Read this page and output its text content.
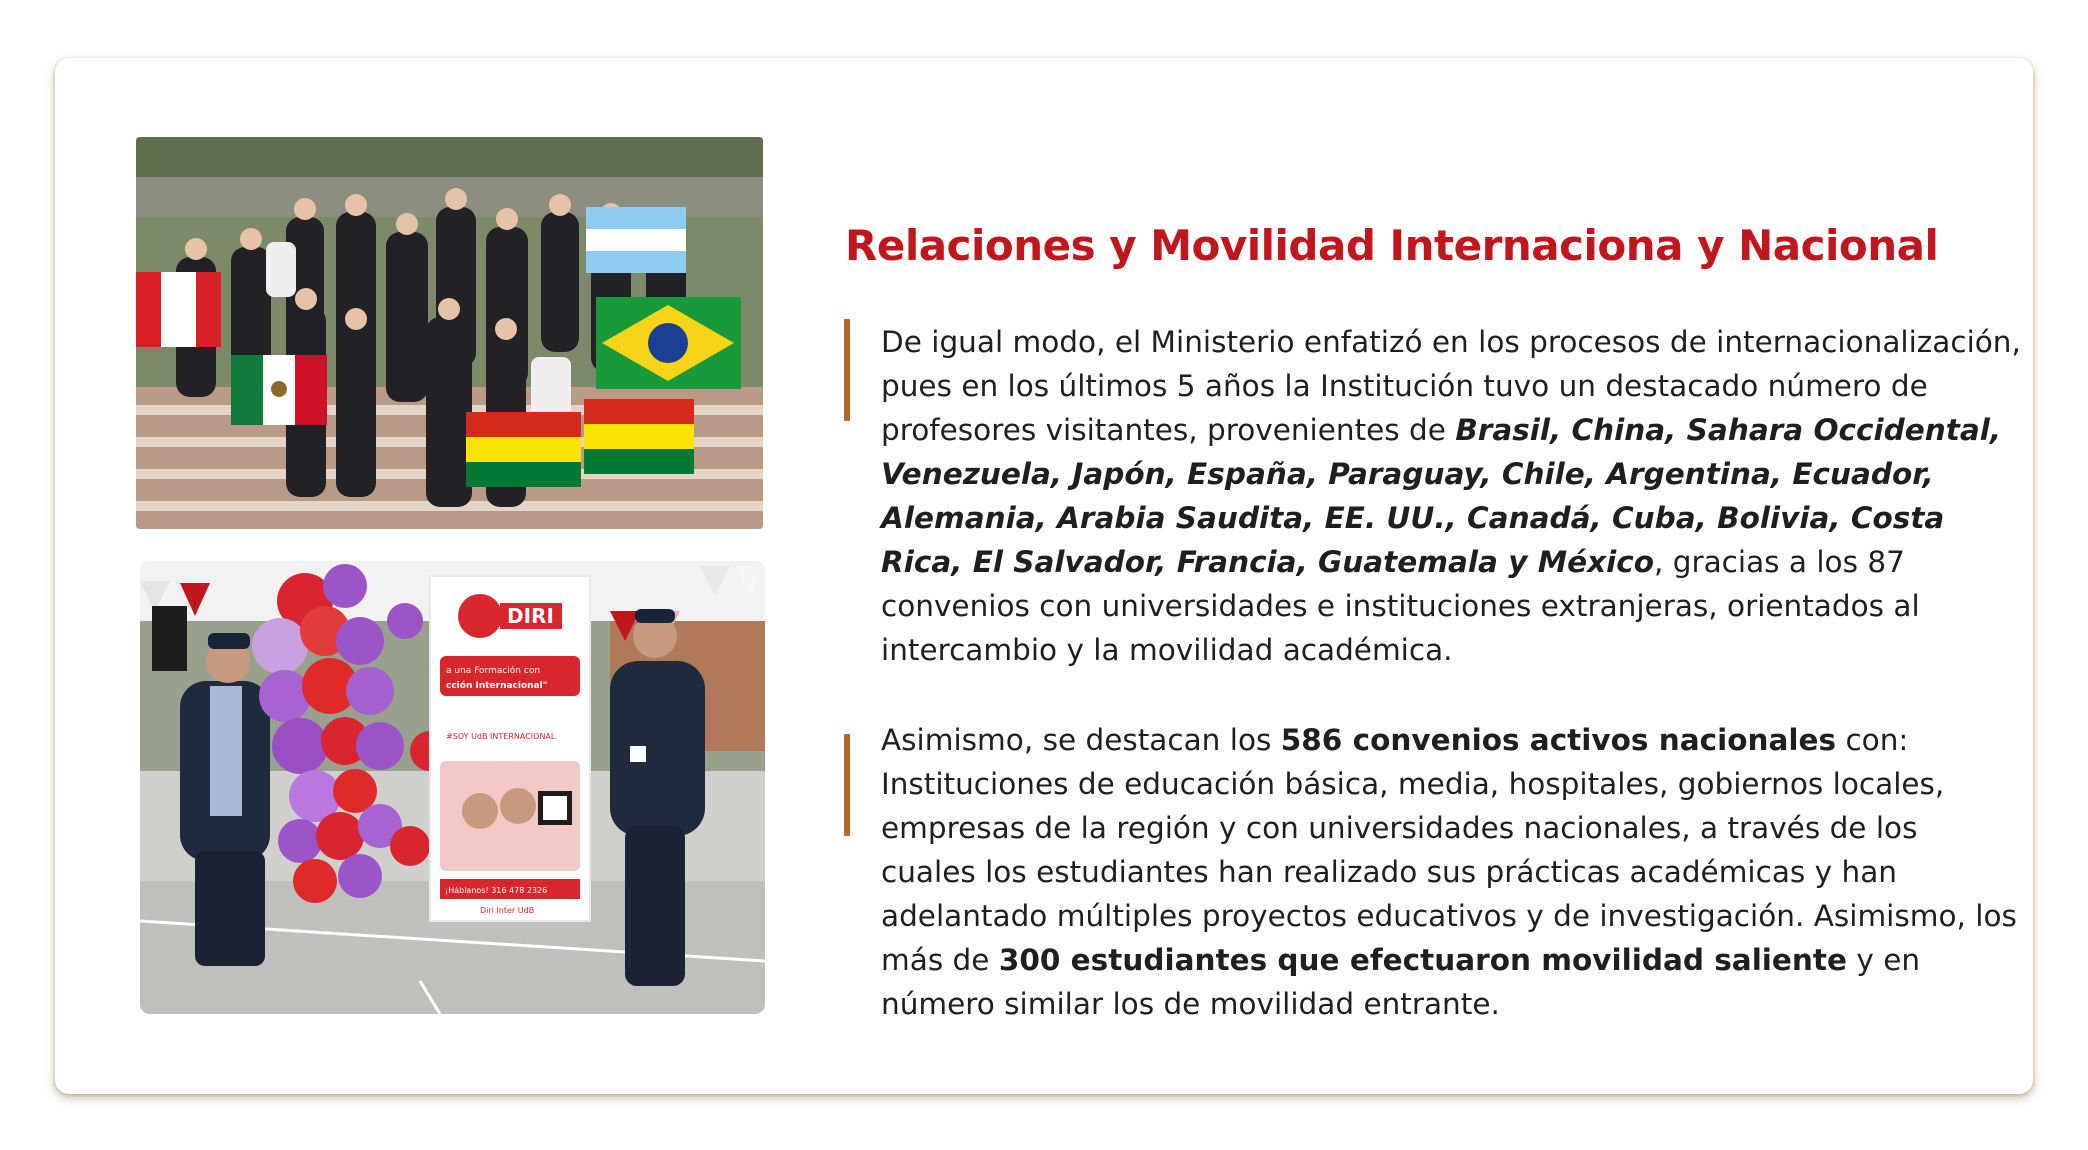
DIRI
a una Formación con
cción Internacional"
#SOY UdB INTERNACIONAL
¡Háblanos! 316 478 2326
Diri Inter UdB
Relaciones y Movilidad Internaciona y Nacional

De igual modo, el Ministerio enfatizó en los procesos de internacionalización, pues en los últimos 5 años la Institución tuvo un destacado número de profesores visitantes, provenientes de Brasil, China, Sahara Occidental, Venezuela, Japón, España, Paraguay, Chile, Argentina, Ecuador, Alemania, Arabia Saudita, EE. UU., Canadá, Cuba, Bolivia, Costa Rica, El Salvador, Francia, Guatemala y México, gracias a los 87 convenios con universidades e instituciones extranjeras, orientados al intercambio y la movilidad académica.

Asimismo, se destacan los 586 convenios activos nacionales con: Instituciones de educación básica, media, hospitales, gobiernos locales, empresas de la región y con universidades nacionales, a través de los cuales los estudiantes han realizado sus prácticas académicas y han adelantado múltiples proyectos educativos y de investigación. Asimismo, los más de 300 estudiantes que efectuaron movilidad saliente y en número similar los de movilidad entrante.
